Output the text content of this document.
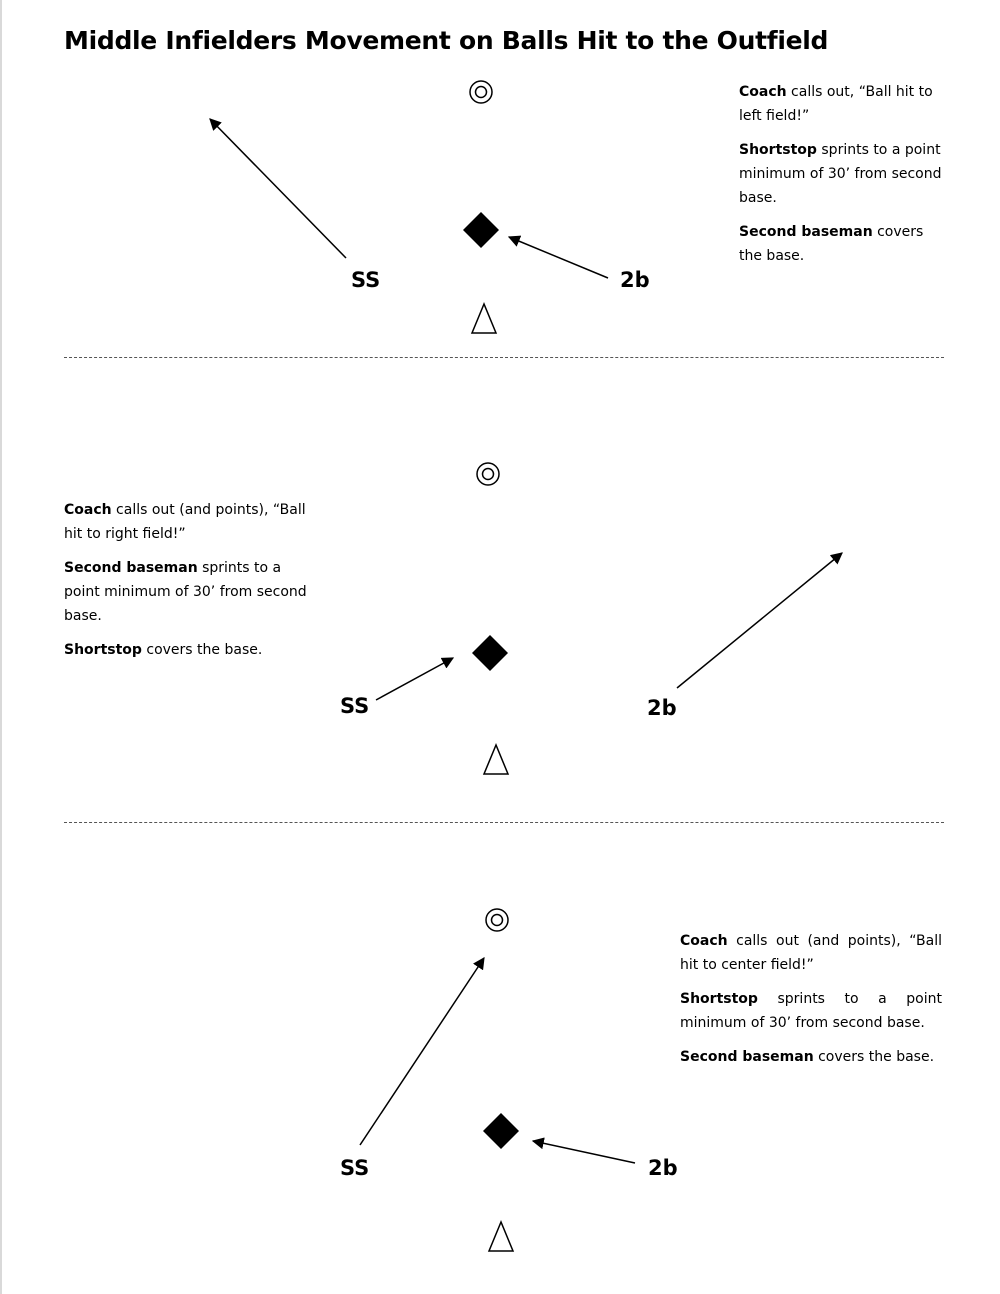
Middle Infielders Movement on Balls Hit to the Outfield
SS	2b

Coach calls out, “Ball hit to left field!”

Shortstop sprints to a point minimum of 30’ from second base.

Second baseman covers the base.

SS	2b

Coach calls out (and points), “Ball hit to right field!”

Second baseman sprints to a point minimum of 30’ from second base.

Shortstop covers the base.

SS	2b

Coach calls out (and points), “Ball hit to center field!”

Shortstop sprints to a point minimum of 30’ from second base.

Second baseman covers the base.
